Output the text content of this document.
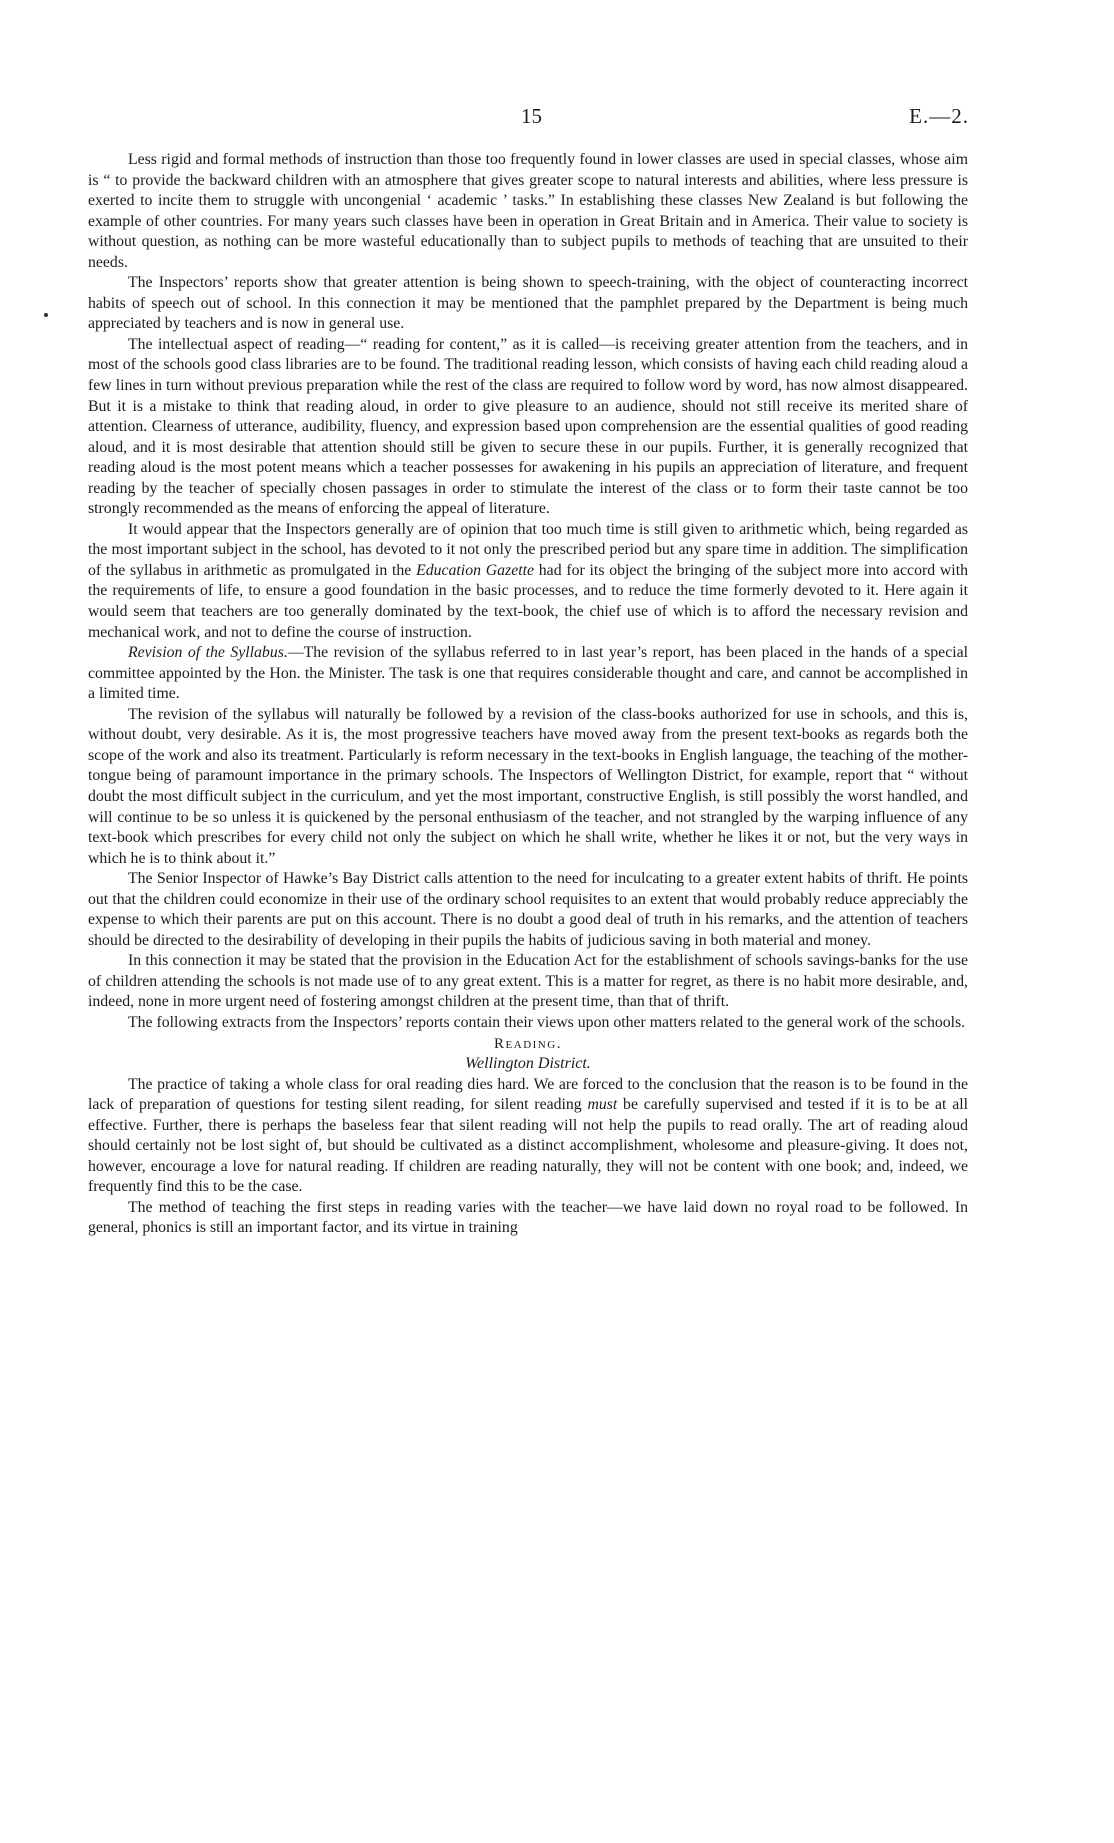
15	E.—2.

Less rigid and formal methods of instruction than those too frequently found in lower classes are used in special classes, whose aim is “ to provide the backward children with an atmosphere that gives greater scope to natural interests and abilities, where less pressure is exerted to incite them to struggle with uncongenial ‘ academic ’ tasks.” In establishing these classes New Zealand is but following the example of other countries. For many years such classes have been in operation in Great Britain and in America. Their value to society is without question, as nothing can be more wasteful educationally than to subject pupils to methods of teaching that are unsuited to their needs.

The Inspectors’ reports show that greater attention is being shown to speech-training, with the object of counteracting incorrect habits of speech out of school. In this connection it may be mentioned that the pamphlet prepared by the Department is being much appreciated by teachers and is now in general use.

The intellectual aspect of reading—“ reading for content,” as it is called—is receiving greater attention from the teachers, and in most of the schools good class libraries are to be found. The traditional reading lesson, which consists of having each child reading aloud a few lines in turn without previous preparation while the rest of the class are required to follow word by word, has now almost disappeared. But it is a mistake to think that reading aloud, in order to give pleasure to an audience, should not still receive its merited share of attention. Clearness of utterance, audibility, fluency, and expression based upon comprehension are the essential qualities of good reading aloud, and it is most desirable that attention should still be given to secure these in our pupils. Further, it is generally recognized that reading aloud is the most potent means which a teacher possesses for awakening in his pupils an appreciation of literature, and frequent reading by the teacher of specially chosen passages in order to stimulate the interest of the class or to form their taste cannot be too strongly recommended as the means of enforcing the appeal of literature.

It would appear that the Inspectors generally are of opinion that too much time is still given to arithmetic which, being regarded as the most important subject in the school, has devoted to it not only the prescribed period but any spare time in addition. The simplification of the syllabus in arithmetic as promulgated in the Education Gazette had for its object the bringing of the subject more into accord with the requirements of life, to ensure a good foundation in the basic processes, and to reduce the time formerly devoted to it. Here again it would seem that teachers are too generally dominated by the text-book, the chief use of which is to afford the necessary revision and mechanical work, and not to define the course of instruction.

Revision of the Syllabus.—The revision of the syllabus referred to in last year’s report, has been placed in the hands of a special committee appointed by the Hon. the Minister. The task is one that requires considerable thought and care, and cannot be accomplished in a limited time.

The revision of the syllabus will naturally be followed by a revision of the class-books authorized for use in schools, and this is, without doubt, very desirable. As it is, the most progressive teachers have moved away from the present text-books as regards both the scope of the work and also its treatment. Particularly is reform necessary in the text-books in English language, the teaching of the mother-tongue being of paramount importance in the primary schools. The Inspectors of Wellington District, for example, report that “ without doubt the most difficult subject in the curriculum, and yet the most important, constructive English, is still possibly the worst handled, and will continue to be so unless it is quickened by the personal enthusiasm of the teacher, and not strangled by the warping influence of any text-book which prescribes for every child not only the subject on which he shall write, whether he likes it or not, but the very ways in which he is to think about it.”

The Senior Inspector of Hawke’s Bay District calls attention to the need for inculcating to a greater extent habits of thrift. He points out that the children could economize in their use of the ordinary school requisites to an extent that would probably reduce appreciably the expense to which their parents are put on this account. There is no doubt a good deal of truth in his remarks, and the attention of teachers should be directed to the desirability of developing in their pupils the habits of judicious saving in both material and money.

In this connection it may be stated that the provision in the Education Act for the establishment of schools savings-banks for the use of children attending the schools is not made use of to any great extent. This is a matter for regret, as there is no habit more desirable, and, indeed, none in more urgent need of fostering amongst children at the present time, than that of thrift.

The following extracts from the Inspectors’ reports contain their views upon other matters related to the general work of the schools.

Reading.

Wellington District.

The practice of taking a whole class for oral reading dies hard. We are forced to the conclusion that the reason is to be found in the lack of preparation of questions for testing silent reading, for silent reading must be carefully supervised and tested if it is to be at all effective. Further, there is perhaps the baseless fear that silent reading will not help the pupils to read orally. The art of reading aloud should certainly not be lost sight of, but should be cultivated as a distinct accomplishment, wholesome and pleasure-giving. It does not, however, encourage a love for natural reading. If children are reading naturally, they will not be content with one book; and, indeed, we frequently find this to be the case.

The method of teaching the first steps in reading varies with the teacher—we have laid down no royal road to be followed. In general, phonics is still an important factor, and its virtue in training
